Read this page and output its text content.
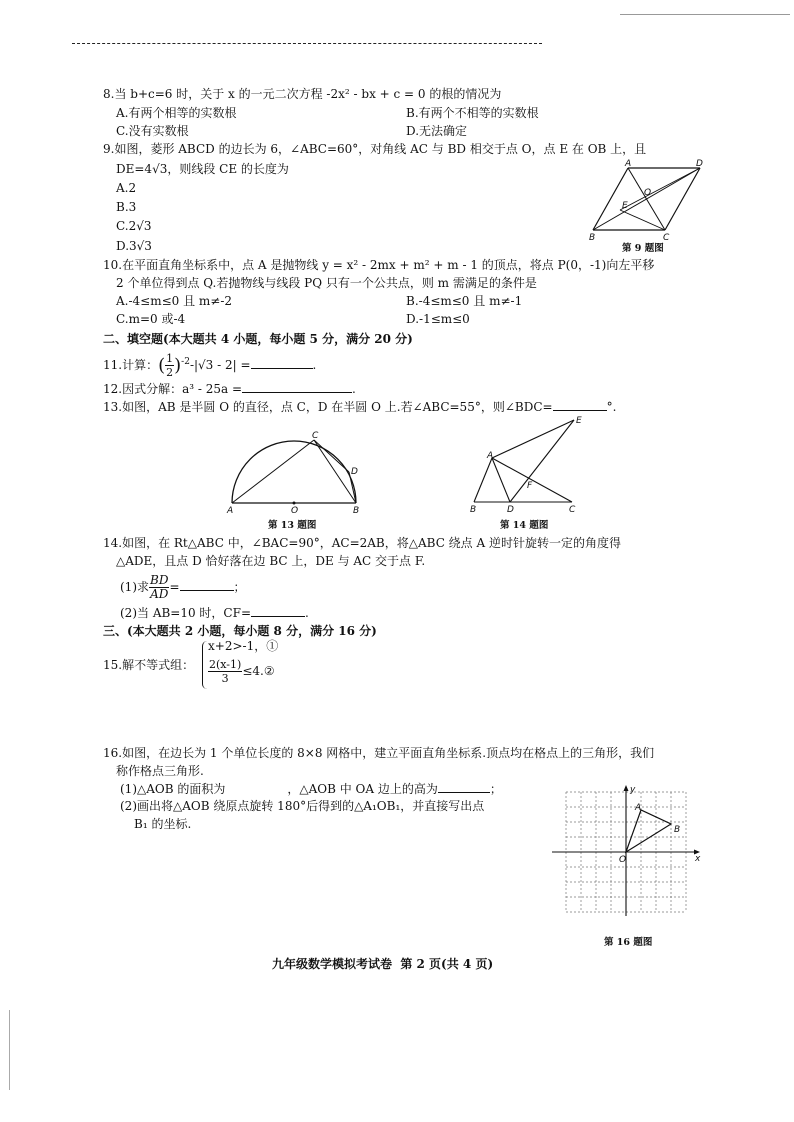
8.当 b+c=6 时，关于 x 的一元二次方程 -2x² - bx + c = 0 的根的情况为
A.有两个相等的实数根	B.有两个不相等的实数根
C.没有实数根	D.无法确定
9.如图，菱形 ABCD 的边长为 6，∠ABC=60°，对角线 AC 与 BD 相交于点 O，点 E 在 OB 上，且
DE=4√3，则线段 CE 的长度为
A.2
B.3
C.2√3
D.3√3
A	D
B	C
O
E
第 9 题图
10.在平面直角坐标系中，点 A 是抛物线 y = x² - 2mx + m² + m - 1 的顶点，将点 P(0，-1)向左平移
2 个单位得到点 Q.若抛物线与线段 PQ 只有一个公共点，则 m 需满足的条件是
A.-4≤m≤0 且 m≠-2	B.-4≤m≤0 且 m≠-1
C.m=0 或-4	D.-1≤m≤0
二、填空题(本大题共 4 小题，每小题 5 分，满分 20 分)
11.计算：( $\frac{1}{2} )^{-2}-|√3 - 2|$ =	.
12.因式分解：a³ - 25a =	.
13.如图，AB 是半圆 O 的直径，点 C，D 在半圆 O 上.若∠ABC=55°，则∠BDC=	°.
A	B
O
C
D
第 13 题图
A
B	D	C
E
F
第 14 题图
14.如图，在 Rt△ABC 中，∠BAC=90°，AC=2AB，将△ABC 绕点 A 逆时针旋转一定的角度得
△ADE，且点 D 恰好落在边 BC 上，DE 与 AC 交于点 F.
(1)求 $\frac{BD}{AD}$ =	；
(2)当 AB=10 时，CF=	.
三、(本大题共 2 小题，每小题 8 分，满分 16 分)
15.解不等式组：
x+2>-1，①
$\frac{2(x-1)}{3}$ ≤4.②
16.如图，在边长为 1 个单位长度的 8×8 网格中，建立平面直角坐标系.顶点均在格点上的三角形，我们
称作格点三角形.
(1)△AOB 的面积为	，△AOB 中 OA 边上的高为	；
(2)画出将△AOB 绕原点旋转 180°后得到的△A₁OB₁，并直接写出点
B₁ 的坐标.
A
B
O	x
y
第 16 题图
九年级数学模拟考试卷  第 2 页(共 4 页)
